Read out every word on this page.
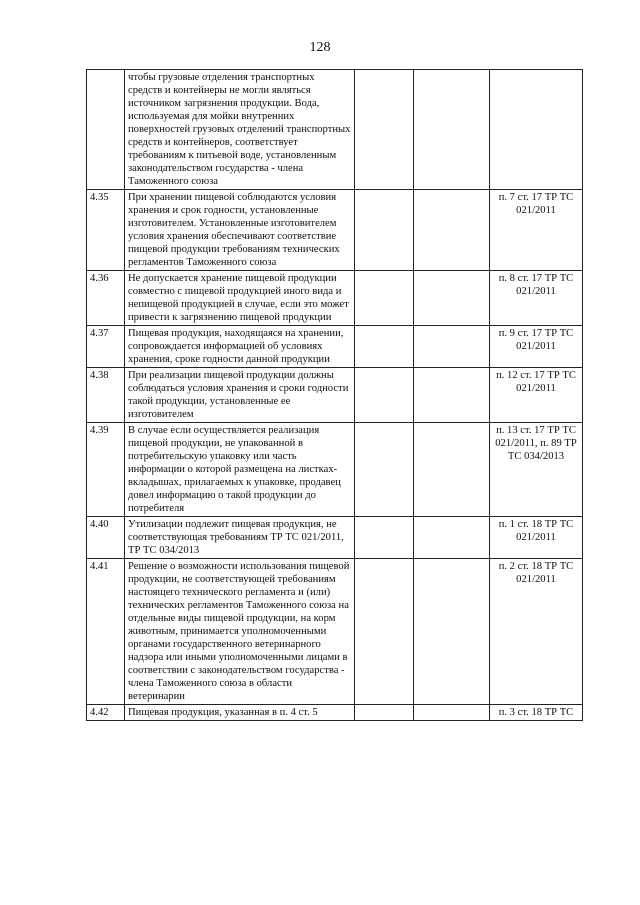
128
	чтобы грузовые отделения транспортных средств и контейнеры не могли являться источником загрязнения продукции. Вода, используемая для мойки внутренних поверхностей грузовых отделений транспортных средств и контейнеров, соответствует требованиям к питьевой воде, установленным законодательством государства - члена Таможенного союза			
4.35	При хранении пищевой соблюдаются условия хранения и срок годности, установленные изготовителем. Установленные изготовителем условия хранения обеспечивают соответствие пищевой продукции требованиям технических регламентов Таможенного союза			п. 7 ст. 17 ТР ТС 021/2011
4.36	Не допускается хранение пищевой продукции совместно с пищевой продукцией иного вида и непищевой продукцией в случае, если это может привести к загрязнению пищевой продукции			п. 8 ст. 17 ТР ТС 021/2011
4.37	Пищевая продукция, находящаяся на хранении, сопровождается информацией об условиях хранения, сроке годности данной продукции			п. 9 ст. 17 ТР ТС 021/2011
4.38	При реализации пищевой продукции должны соблюдаться условия хранения и сроки годности такой продукции, установленные ее изготовителем			п. 12 ст. 17 ТР ТС 021/2011
4.39	В случае если осуществляется реализация пищевой продукции, не упакованной в потребительскую упаковку или часть информации о которой размещена на листках-вкладышах, прилагаемых к упаковке, продавец довел информацию о такой продукции до потребителя			п. 13 ст. 17 ТР ТС 021/2011, п. 89 ТР ТС 034/2013
4.40	Утилизации подлежит пищевая продукция, не соответствующая требованиям ТР ТС 021/2011, ТР ТС 034/2013			п. 1 ст. 18 ТР ТС 021/2011
4.41	Решение о возможности использования пищевой продукции, не соответствующей требованиям настоящего технического регламента и (или) технических регламентов Таможенного союза на отдельные виды пищевой продукции, на корм животным, принимается уполномоченными органами государственного ветеринарного надзора или иными уполномоченными лицами в соответствии с законодательством государства - члена Таможенного союза в области ветеринарии			п. 2 ст. 18 ТР ТС 021/2011
4.42	Пищевая продукция, указанная в п. 4 ст. 5			п. 3 ст. 18 ТР ТС
